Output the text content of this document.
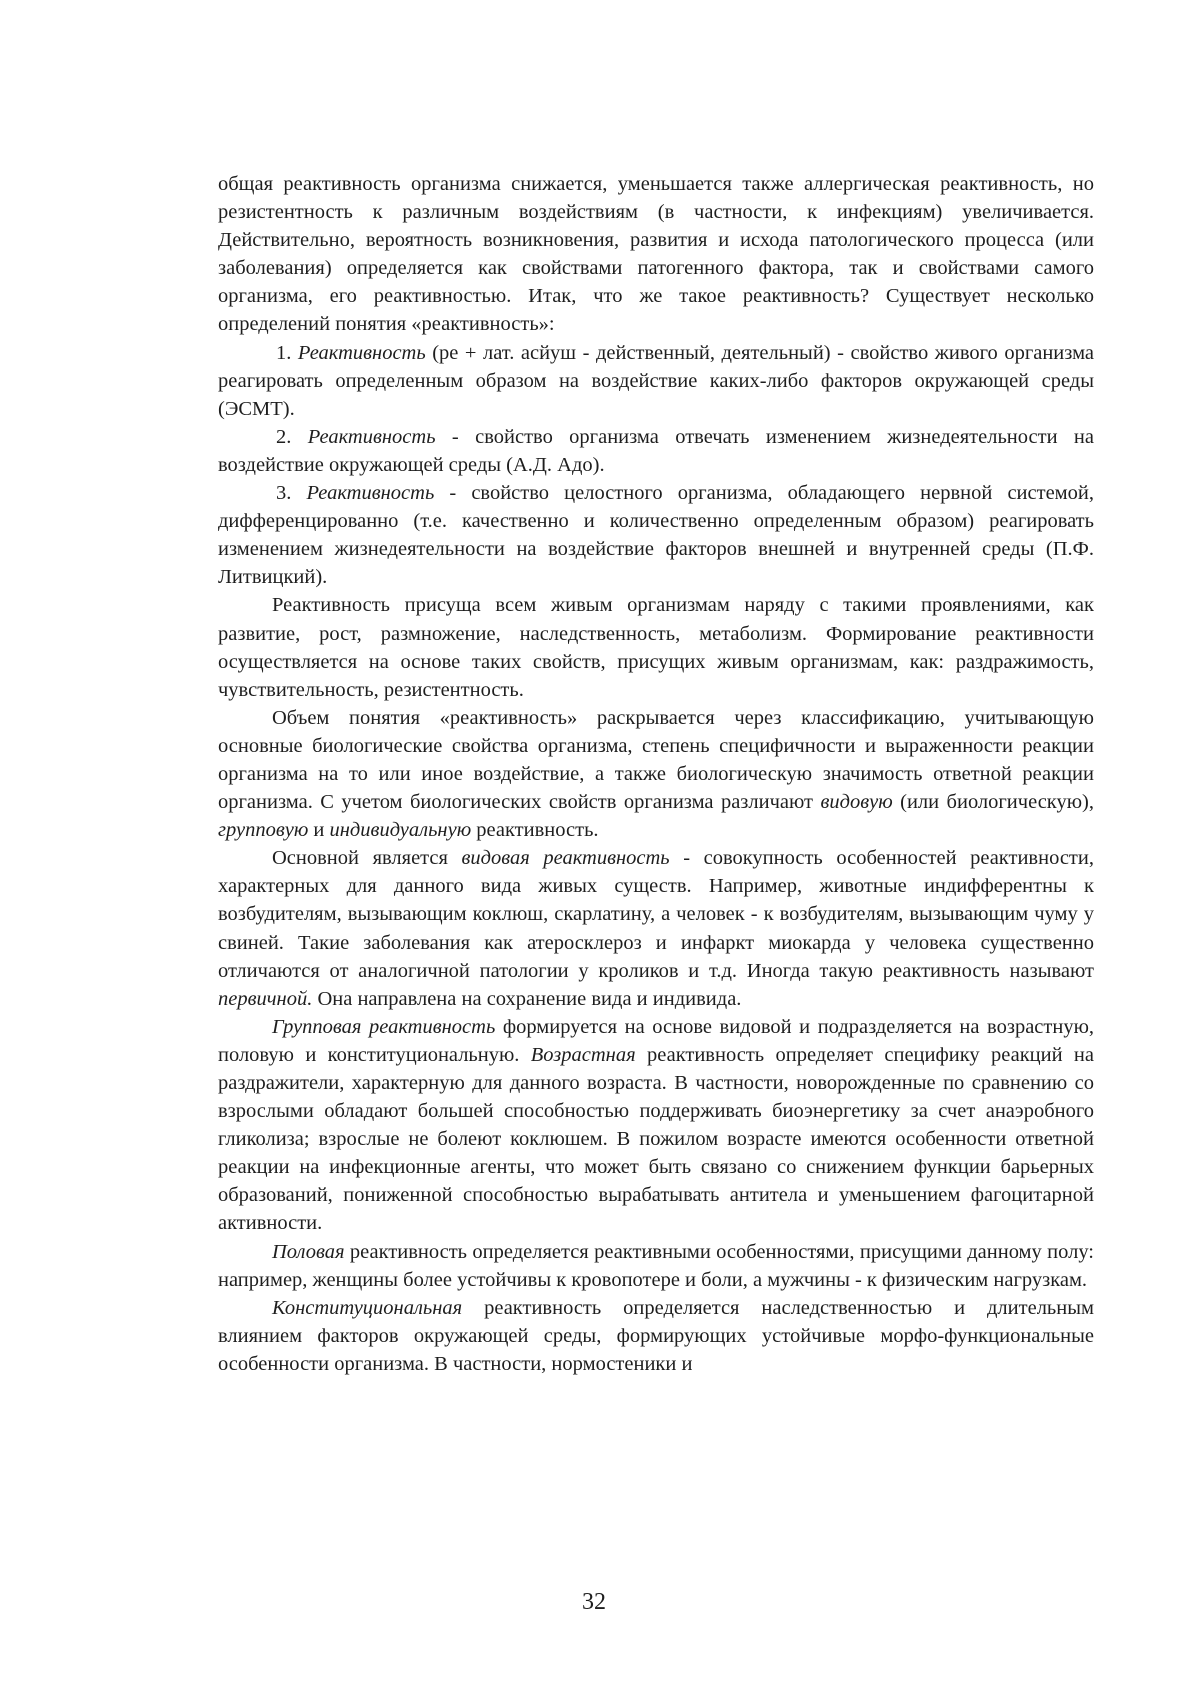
общая реактивность организма снижается, уменьшается также аллергическая реактивность, но резистентность к различным воздействиям (в частности, к инфекциям) увеличивается. Действительно, вероятность возникновения, развития и исхода патологического процесса (или заболевания) определяется как свойствами патогенного фактора, так и свойствами самого организма, его реактивностью. Итак, что же такое реактивность? Существует несколько определений понятия «реактивность»:

1. Реактивность (ре + лат. асйуш - действенный, деятельный) - свойство живого организма реагировать определенным образом на воздействие каких-либо факторов окружающей среды (ЭСМТ).

2. Реактивность - свойство организма отвечать изменением жизнедеятельности на воздействие окружающей среды (А.Д. Адо).

3. Реактивность - свойство целостного организма, обладающего нервной системой, дифференцированно (т.е. качественно и количественно определенным образом) реагировать изменением жизнедеятельности на воздействие факторов внешней и внутренней среды (П.Ф. Литвицкий).

Реактивность присуща всем живым организмам наряду с такими проявлениями, как развитие, рост, размножение, наследственность, метаболизм. Формирование реактивности осуществляется на основе таких свойств, присущих живым организмам, как: раздражимость, чувствительность, резистентность.

Объем понятия «реактивность» раскрывается через классификацию, учитывающую основные биологические свойства организма, степень специфичности и выраженности реакции организма на то или иное воздействие, а также биологическую значимость ответной реакции организма. С учетом биологических свойств организма различают видовую (или биологическую), групповую и индивидуальную реактивность.

Основной является видовая реактивность - совокупность особенностей реактивности, характерных для данного вида живых существ. Например, животные индифферентны к возбудителям, вызывающим коклюш, скарлатину, а человек - к возбудителям, вызывающим чуму у свиней. Такие заболевания как атеросклероз и инфаркт миокарда у человека существенно отличаются от аналогичной патологии у кроликов и т.д. Иногда такую реактивность называют первичной. Она направлена на сохранение вида и индивида.

Групповая реактивность формируется на основе видовой и подразделяется на возрастную, половую и конституциональную. Возрастная реактивность определяет специфику реакций на раздражители, характерную для данного возраста. В частности, новорожденные по сравнению со взрослыми обладают большей способностью поддерживать биоэнергетику за счет анаэробного гликолиза; взрослые не болеют коклюшем. В пожилом возрасте имеются особенности ответной реакции на инфекционные агенты, что может быть связано со снижением функции барьерных образований, пониженной способностью вырабатывать антитела и уменьшением фагоцитарной активности.

Половая реактивность определяется реактивными особенностями, присущими данному полу: например, женщины более устойчивы к кровопотере и боли, а мужчины - к физическим нагрузкам.

Конституциональная реактивность определяется наследственностью и длительным влиянием факторов окружающей среды, формирующих устойчивые морфо-функциональные особенности организма. В частности, нормостеники и

32
